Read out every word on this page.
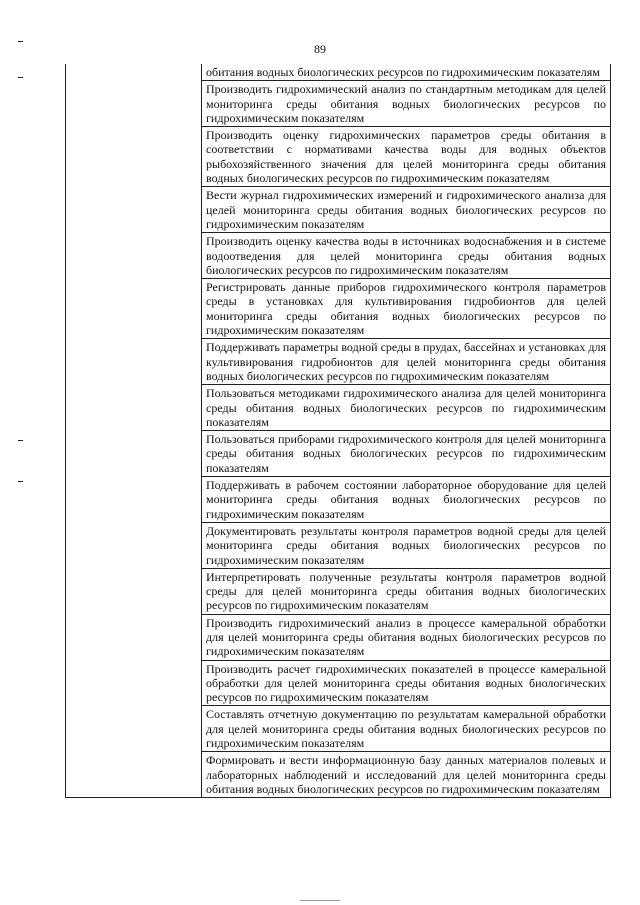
89
обитания водных биологических ресурсов по гидрохимическим показателям
Производить гидрохимический анализ по стандартным методикам для целей мониторинга среды обитания водных биологических ресурсов по гидрохимическим показателям
Производить оценку гидрохимических параметров среды обитания в соответствии с нормативами качества воды для водных объектов рыбохозяйственного значения для целей мониторинга среды обитания водных биологических ресурсов по гидрохимическим показателям
Вести журнал гидрохимических измерений и гидрохимического анализа для целей мониторинга среды обитания водных биологических ресурсов по гидрохимическим показателям
Производить оценку качества воды в источниках водоснабжения и в системе водоотведения для целей мониторинга среды обитания водных биологических ресурсов по гидрохимическим показателям
Регистрировать данные приборов гидрохимического контроля параметров среды в установках для культивирования гидробионтов для целей мониторинга среды обитания водных биологических ресурсов по гидрохимическим показателям
Поддерживать параметры водной среды в прудах, бассейнах и установках для культивирования гидробионтов для целей мониторинга среды обитания водных биологических ресурсов по гидрохимическим показателям
Пользоваться методиками гидрохимического анализа для целей мониторинга среды обитания водных биологических ресурсов по гидрохимическим показателям
Пользоваться приборами гидрохимического контроля для целей мониторинга среды обитания водных биологических ресурсов по гидрохимическим показателям
Поддерживать в рабочем состоянии лабораторное оборудование для целей мониторинга среды обитания водных биологических ресурсов по гидрохимическим показателям
Документировать результаты контроля параметров водной среды для целей мониторинга среды обитания водных биологических ресурсов по гидрохимическим показателям
Интерпретировать полученные результаты контроля параметров водной среды для целей мониторинга среды обитания водных биологических ресурсов по гидрохимическим показателям
Производить гидрохимический анализ в процессе камеральной обработки для целей мониторинга среды обитания водных биологических ресурсов по гидрохимическим показателям
Производить расчет гидрохимических показателей в процессе камеральной обработки для целей мониторинга среды обитания водных биологических ресурсов по гидрохимическим показателям
Составлять отчетную документацию по результатам камеральной обработки для целей мониторинга среды обитания водных биологических ресурсов по гидрохимическим показателям
Формировать и вести информационную базу данных материалов полевых и лабораторных наблюдений и исследований для целей мониторинга среды обитания водных биологических ресурсов по гидрохимическим показателям
